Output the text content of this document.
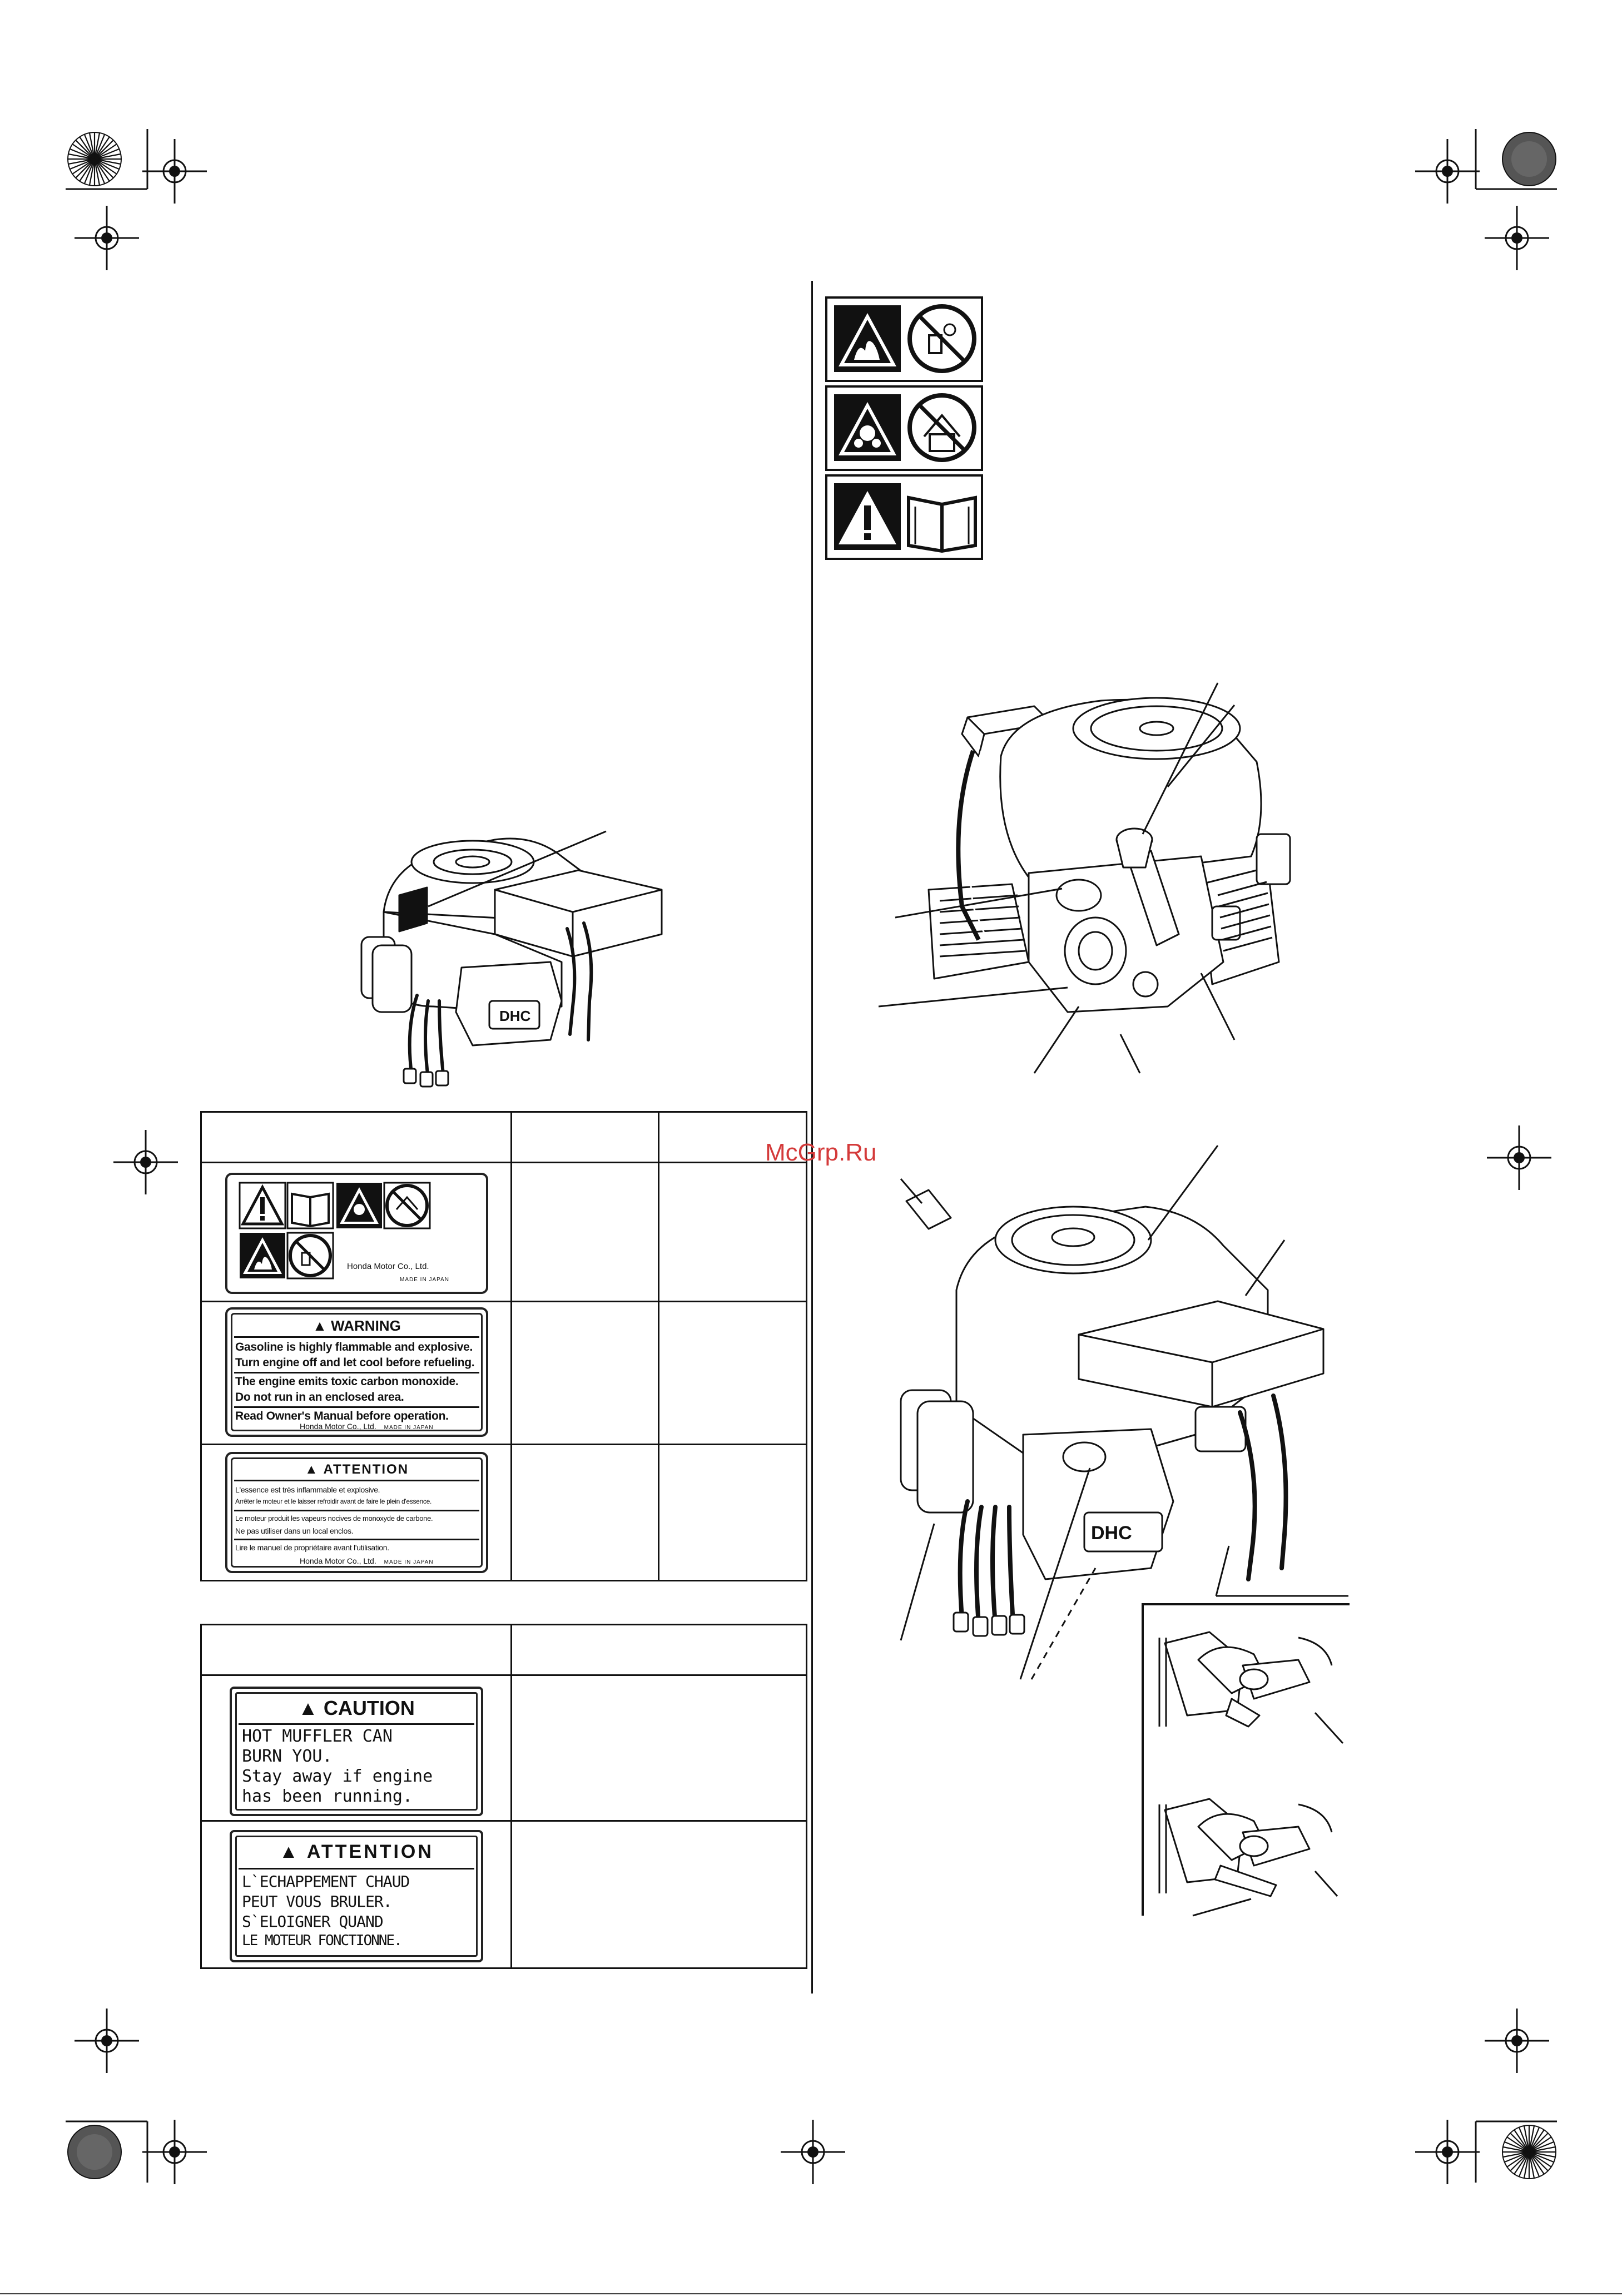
DHC
Honda Motor Co., Ltd.
MADE IN JAPAN
▲ WARNING
Gasoline is highly flammable and explosive.
Turn engine off and let cool before refueling.
The engine emits toxic carbon monoxide.
Do not run in an enclosed area.
Read Owner's Manual before operation.
Honda Motor Co., Ltd. MADE IN JAPAN
▲ ATTENTION
L'essence est très inflammable et explosive.
Arrêter le moteur et le laisser refroidir avant de faire le plein d'essence.
Le moteur produit les vapeurs nocives de monoxyde de carbone.
Ne pas utiliser dans un local enclos.
Lire le manuel de propriétaire avant l'utilisation.
Honda Motor Co., Ltd. MADE IN JAPAN
▲ CAUTION
HOT MUFFLER CAN
BURN YOU.
Stay away if engine
has been running.
▲ ATTENTION
L`ECHAPPEMENT CHAUD
PEUT VOUS BRULER.
S`ELOIGNER QUAND
LE MOTEUR FONCTIONNE.
McGrp.Ru
DHC
